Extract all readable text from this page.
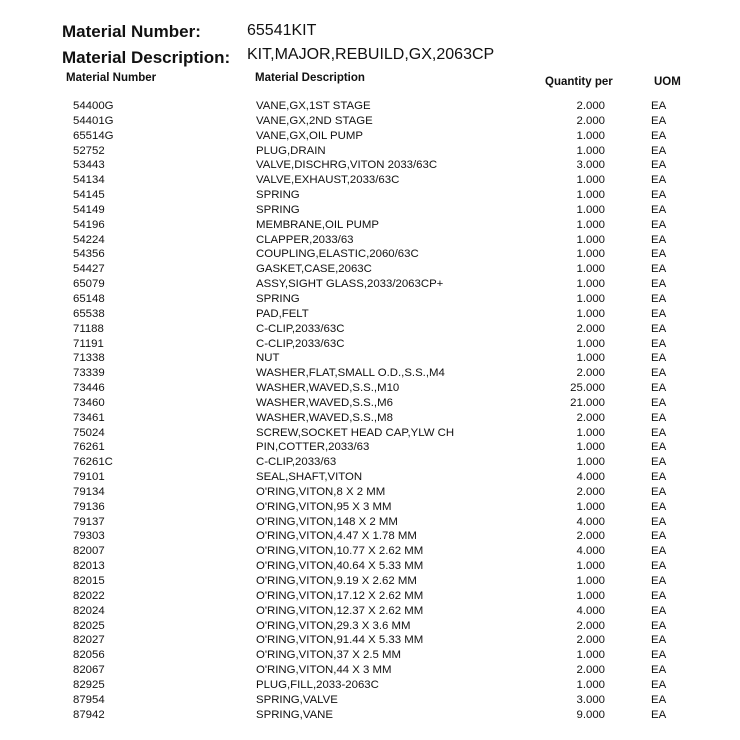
Material Number:	65541KIT
Material Description: KIT,MAJOR,REBUILD,GX,2063CP
Material Number	Material Description	Quantity per	UOM
54400G	VANE,GX,1ST STAGE	2.000	EA
54401G	VANE,GX,2ND STAGE	2.000	EA
65514G	VANE,GX,OIL PUMP	1.000	EA
52752	PLUG,DRAIN	1.000	EA
53443	VALVE,DISCHRG,VITON 2033/63C	3.000	EA
54134	VALVE,EXHAUST,2033/63C	1.000	EA
54145	SPRING	1.000	EA
54149	SPRING	1.000	EA
54196	MEMBRANE,OIL PUMP	1.000	EA
54224	CLAPPER,2033/63	1.000	EA
54356	COUPLING,ELASTIC,2060/63C	1.000	EA
54427	GASKET,CASE,2063C	1.000	EA
65079	ASSY,SIGHT GLASS,2033/2063CP+	1.000	EA
65148	SPRING	1.000	EA
65538	PAD,FELT	1.000	EA
71188	C-CLIP,2033/63C	2.000	EA
71191	C-CLIP,2033/63C	1.000	EA
71338	NUT	1.000	EA
73339	WASHER,FLAT,SMALL O.D.,S.S.,M4	2.000	EA
73446	WASHER,WAVED,S.S.,M10	25.000	EA
73460	WASHER,WAVED,S.S.,M6	21.000	EA
73461	WASHER,WAVED,S.S.,M8	2.000	EA
75024	SCREW,SOCKET HEAD CAP,YLW CH	1.000	EA
76261	PIN,COTTER,2033/63	1.000	EA
76261C	C-CLIP,2033/63	1.000	EA
79101	SEAL,SHAFT,VITON	4.000	EA
79134	O'RING,VITON,8 X 2 MM	2.000	EA
79136	O'RING,VITON,95 X 3 MM	1.000	EA
79137	O'RING,VITON,148 X 2 MM	4.000	EA
79303	O'RING,VITON,4.47 X 1.78 MM	2.000	EA
82007	O'RING,VITON,10.77 X 2.62 MM	4.000	EA
82013	O'RING,VITON,40.64 X 5.33 MM	1.000	EA
82015	O'RING,VITON,9.19 X 2.62 MM	1.000	EA
82022	O'RING,VITON,17.12 X 2.62 MM	1.000	EA
82024	O'RING,VITON,12.37 X 2.62 MM	4.000	EA
82025	O'RING,VITON,29.3 X 3.6 MM	2.000	EA
82027	O'RING,VITON,91.44 X 5.33 MM	2.000	EA
82056	O'RING,VITON,37 X 2.5 MM	1.000	EA
82067	O'RING,VITON,44 X 3 MM	2.000	EA
82925	PLUG,FILL,2033-2063C	1.000	EA
87954	SPRING,VALVE	3.000	EA
87942	SPRING,VANE	9.000	EA
